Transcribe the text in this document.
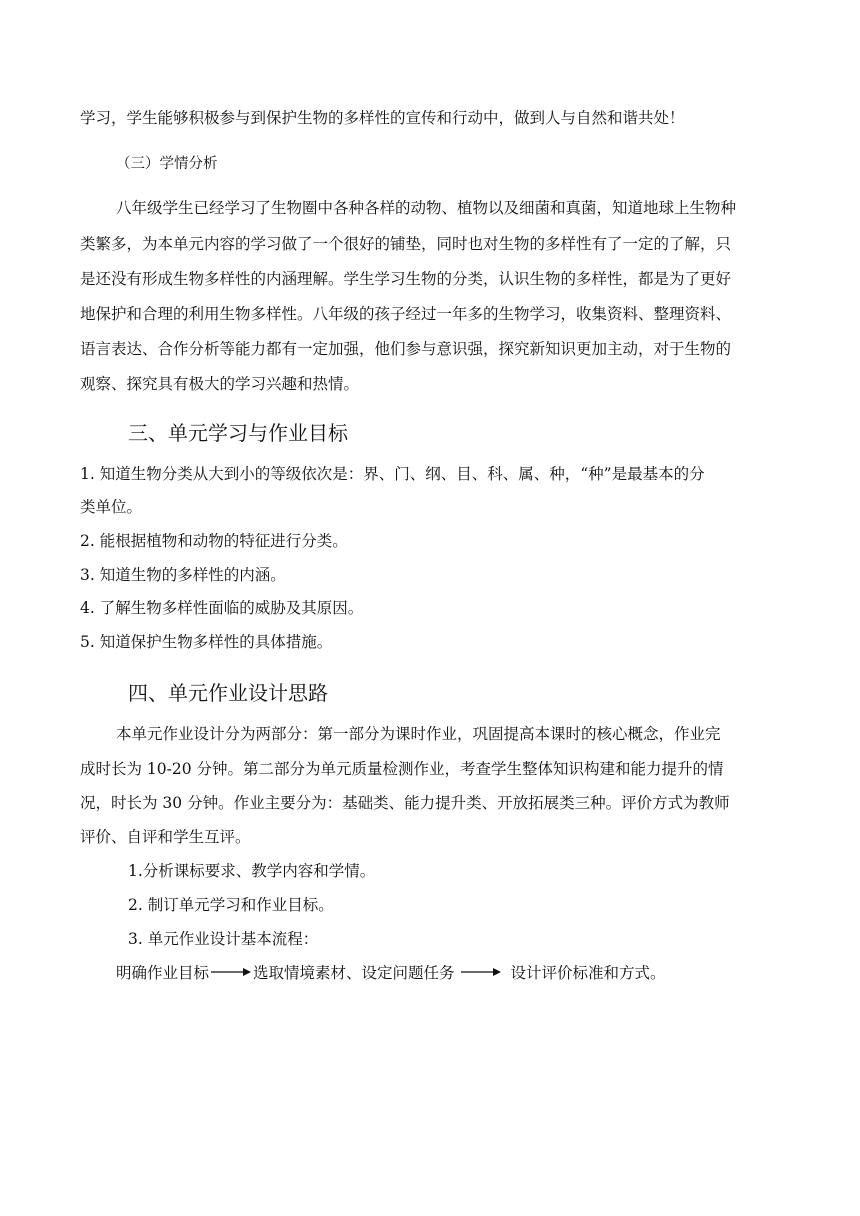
学习，学生能够积极参与到保护生物的多样性的宣传和行动中，做到人与自然和谐共处！
（三）学情分析
八年级学生已经学习了生物圈中各种各样的动物、植物以及细菌和真菌，知道地球上生物种
类繁多，为本单元内容的学习做了一个很好的铺垫，同时也对生物的多样性有了一定的了解，只
是还没有形成生物多样性的内涵理解。学生学习生物的分类，认识生物的多样性，都是为了更好
地保护和合理的利用生物多样性。八年级的孩子经过一年多的生物学习，收集资料、整理资料、
语言表达、合作分析等能力都有一定加强，他们参与意识强，探究新知识更加主动，对于生物的
观察、探究具有极大的学习兴趣和热情。
三、单元学习与作业目标
1. 知道生物分类从大到小的等级依次是：界、门、纲、目、科、属、种，“种”是最基本的分
类单位。
2. 能根据植物和动物的特征进行分类。
3. 知道生物的多样性的内涵。
4. 了解生物多样性面临的威胁及其原因。
5. 知道保护生物多样性的具体措施。
四、单元作业设计思路
本单元作业设计分为两部分：第一部分为课时作业，巩固提高本课时的核心概念，作业完
成时长为 10-20 分钟。第二部分为单元质量检测作业，考查学生整体知识构建和能力提升的情
况，时长为 30 分钟。作业主要分为：基础类、能力提升类、开放拓展类三种。评价方式为教师
评价、自评和学生互评。
1.分析课标要求、教学内容和学情。
2. 制订单元学习和作业目标。
3. 单元作业设计基本流程：
明确作业目标	选取情境素材、设定问题任务	设计评价标准和方式。
